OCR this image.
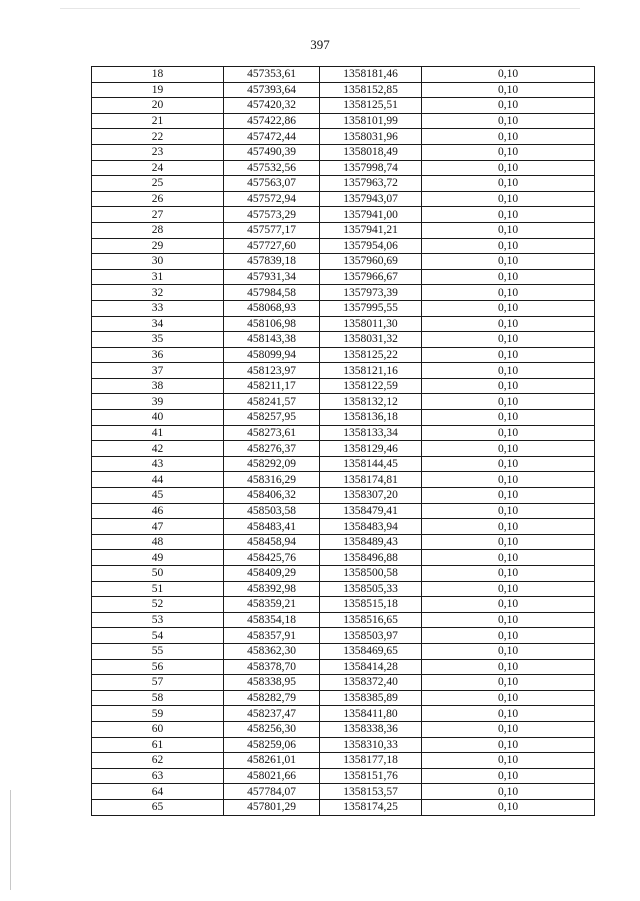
397
18	457353,61	1358181,46	0,10
19	457393,64	1358152,85	0,10
20	457420,32	1358125,51	0,10
21	457422,86	1358101,99	0,10
22	457472,44	1358031,96	0,10
23	457490,39	1358018,49	0,10
24	457532,56	1357998,74	0,10
25	457563,07	1357963,72	0,10
26	457572,94	1357943,07	0,10
27	457573,29	1357941,00	0,10
28	457577,17	1357941,21	0,10
29	457727,60	1357954,06	0,10
30	457839,18	1357960,69	0,10
31	457931,34	1357966,67	0,10
32	457984,58	1357973,39	0,10
33	458068,93	1357995,55	0,10
34	458106,98	1358011,30	0,10
35	458143,38	1358031,32	0,10
36	458099,94	1358125,22	0,10
37	458123,97	1358121,16	0,10
38	458211,17	1358122,59	0,10
39	458241,57	1358132,12	0,10
40	458257,95	1358136,18	0,10
41	458273,61	1358133,34	0,10
42	458276,37	1358129,46	0,10
43	458292,09	1358144,45	0,10
44	458316,29	1358174,81	0,10
45	458406,32	1358307,20	0,10
46	458503,58	1358479,41	0,10
47	458483,41	1358483,94	0,10
48	458458,94	1358489,43	0,10
49	458425,76	1358496,88	0,10
50	458409,29	1358500,58	0,10
51	458392,98	1358505,33	0,10
52	458359,21	1358515,18	0,10
53	458354,18	1358516,65	0,10
54	458357,91	1358503,97	0,10
55	458362,30	1358469,65	0,10
56	458378,70	1358414,28	0,10
57	458338,95	1358372,40	0,10
58	458282,79	1358385,89	0,10
59	458237,47	1358411,80	0,10
60	458256,30	1358338,36	0,10
61	458259,06	1358310,33	0,10
62	458261,01	1358177,18	0,10
63	458021,66	1358151,76	0,10
64	457784,07	1358153,57	0,10
65	457801,29	1358174,25	0,10
